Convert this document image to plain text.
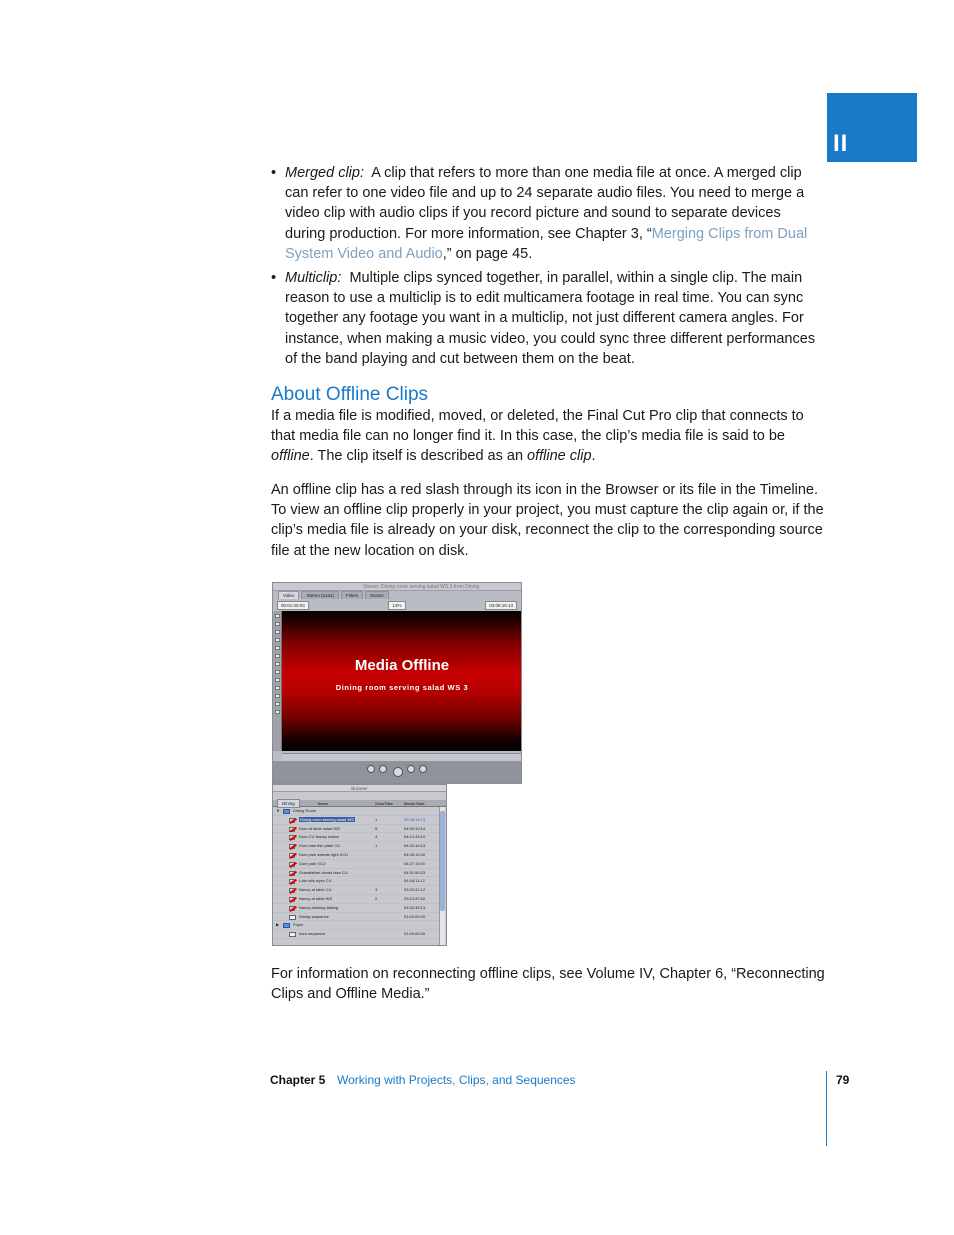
II
• Merged clip: A clip that refers to more than one media file at once. A merged clip can refer to one video file and up to 24 separate audio files. You need to merge a video clip with audio clips if you record picture and sound to separate devices during production. For more information, see Chapter 3, “Merging Clips from Dual System Video and Audio,” on page 45.
• Multiclip: Multiple clips synced together, in parallel, within a single clip. The main reason to use a multiclip is to edit multicamera footage in real time. You can sync together any footage you want in a multiclip, not just different camera angles. For instance, when making a music video, you could sync three different performances of the band playing and cut between them on the beat.
About Offline Clips
If a media file is modified, moved, or deleted, the Final Cut Pro clip that connects to that media file can no longer find it. In this case, the clip’s media file is said to be offline. The clip itself is described as an offline clip.
An offline clip has a red slash through its icon in the Browser or its file in the Timeline. To view an offline clip properly in your project, you must capture the clip again or, if the clip’s media file is already on your disk, reconnect the clip to the corresponding source file at the new location on disk.
Viewer: Dining room serving salad WS 3 from Dining
Video	Stereo (a1a2)	Filters	Motion
00:01:00:03	13%	03:08:16:13
Media Offline
Dining room serving salad WS 3
Browser
Dining	Name	Shot/Take	Media Start
▼	Dining Room
Dining room serving salad WS	1	03:08:16:13
Dom at table salad WS	5	04:09:10:14
Dom CU Nancy enters	4	04:12:49:10
Dom eats fish plate CU	1	04:20:16:13
Dom pain sweats right XCU	04:28:12:00
Dom pain XCU	04:27:15:01
Grandfather clears face CU	04:31:50:23
Lola rolls eyes CU	04:18:11:12
Nancy at table CU	3	03:23:41:12
Nancy at table WS	2	03:13:37:02
Nancy drinking talking	04:02:39:13
Dining sequence	01:00:00:00
▶	Foyer
Intro sequence	01:00:00:00
For information on reconnecting offline clips, see Volume IV, Chapter 6, “Reconnecting Clips and Offline Media.”
Chapter 5 Working with Projects, Clips, and Sequences	79
